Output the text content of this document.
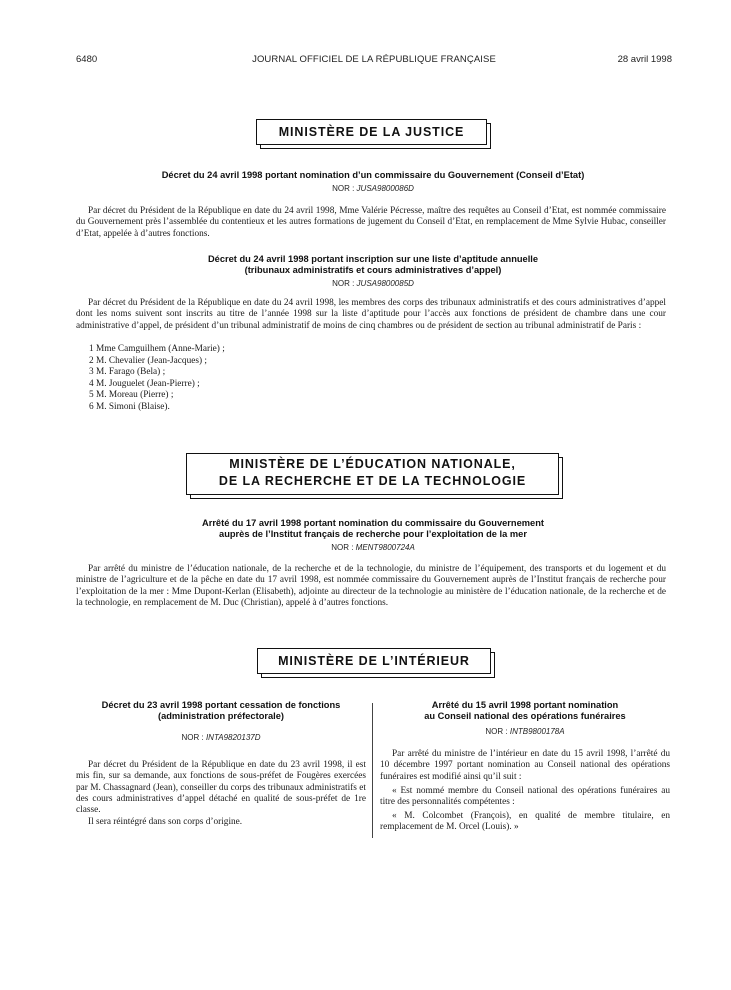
6480	JOURNAL OFFICIEL DE LA RÉPUBLIQUE FRANÇAISE	28 avril 1998
MINISTÈRE DE LA JUSTICE
Décret du 24 avril 1998 portant nomination d’un commissaire du Gouvernement (Conseil d’Etat)
NOR : JUSA9800086D

Par décret du Président de la République en date du 24 avril 1998, Mme Valérie Pécresse, maître des requêtes au Conseil d’Etat, est nommée commissaire du Gouvernement près l’assemblée du contentieux et les autres formations de jugement du Conseil d’Etat, en remplacement de Mme Sylvie Hubac, conseiller d’Etat, appelée à d’autres fonctions.

Décret du 24 avril 1998 portant inscription sur une liste d’aptitude annuelle
(tribunaux administratifs et cours administratives d’appel)
NOR : JUSA9800085D

Par décret du Président de la République en date du 24 avril 1998, les membres des corps des tribunaux administratifs et des cours administratives d’appel dont les noms suivent sont inscrits au titre de l’année 1998 sur la liste d’aptitude pour l’accès aux fonctions de président de chambre dans une cour administrative d’appel, de président d’un tribunal administratif de moins de cinq chambres ou de président de section au tribunal administratif de Paris :

1 Mme Camguilhem (Anne-Marie) ;
2 M. Chevalier (Jean-Jacques) ;
3 M. Farago (Bela) ;
4 M. Jouguelet (Jean-Pierre) ;
5 M. Moreau (Pierre) ;
6 M. Simoni (Blaise).
MINISTÈRE DE L’ÉDUCATION NATIONALE,
DE LA RECHERCHE ET DE LA TECHNOLOGIE
Arrêté du 17 avril 1998 portant nomination du commissaire du Gouvernement
auprès de l’Institut français de recherche pour l’exploitation de la mer
NOR : MENT9800724A

Par arrêté du ministre de l’éducation nationale, de la recherche et de la technologie, du ministre de l’équipement, des transports et du logement et du ministre de l’agriculture et de la pêche en date du 17 avril 1998, est nommée commissaire du Gouvernement auprès de l’Institut français de recherche pour l’exploitation de la mer : Mme Dupont-Kerlan (Elisabeth), adjointe au directeur de la technologie au ministère de l’éducation nationale, de la recherche et de la technologie, en remplacement de M. Duc (Christian), appelé à d’autres fonctions.

MINISTÈRE DE L’INTÉRIEUR
Décret du 23 avril 1998 portant cessation de fonctions
(administration préfectorale)
NOR : INTA9820137D

Par décret du Président de la République en date du 23 avril 1998, il est mis fin, sur sa demande, aux fonctions de sous-préfet de Fougères exercées par M. Chassagnard (Jean), conseiller du corps des tribunaux administratifs et des cours administratives d’appel détaché en qualité de sous-préfet de 1re classe.

Il sera réintégré dans son corps d’origine.

Arrêté du 15 avril 1998 portant nomination
au Conseil national des opérations funéraires
NOR : INTB9800178A

Par arrêté du ministre de l’intérieur en date du 15 avril 1998, l’arrêté du 10 décembre 1997 portant nomination au Conseil national des opérations funéraires est modifié ainsi qu’il suit :

« Est nommé membre du Conseil national des opérations funéraires au titre des personnalités compétentes :

« M. Colcombet (François), en qualité de membre titulaire, en remplacement de M. Orcel (Louis). »
